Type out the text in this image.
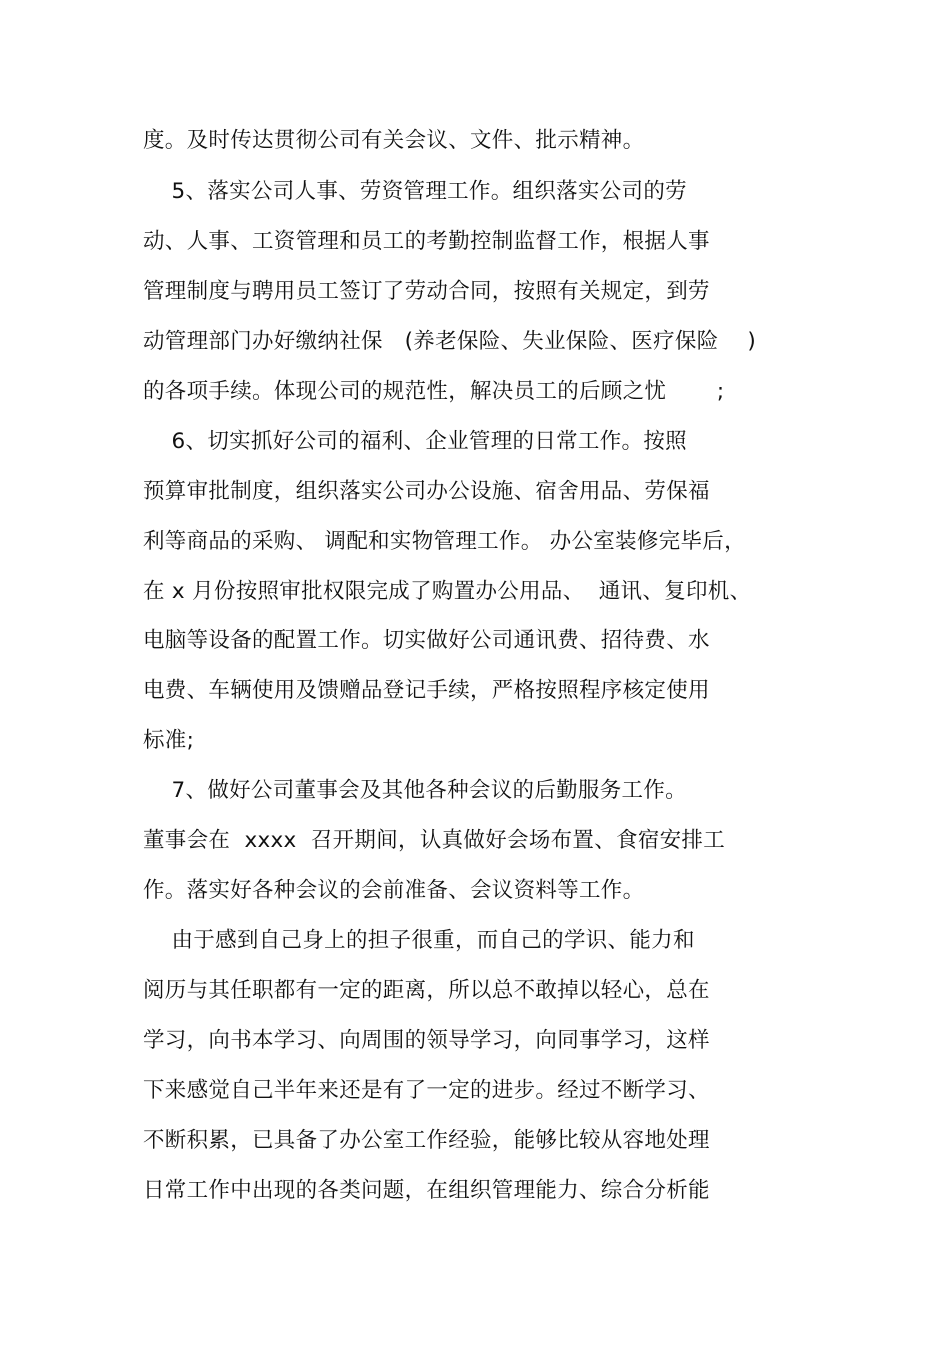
度。及时传达贯彻公司有关会议、文件、批示精神。
5、落实公司人事、劳资管理工作。组织落实公司的劳
动、人事、工资管理和员工的考勤控制监督工作，根据人事
管理制度与聘用员工签订了劳动合同，按照有关规定，到劳
动管理部门办好缴纳社保　(养老保险、失业保险、医疗保险　 )
的各项手续。体现公司的规范性，解决员工的后顾之忧　　 ;
6、切实抓好公司的福利、企业管理的日常工作。按照
预算审批制度，组织落实公司办公设施、宿舍用品、劳保福
利等商品的采购、 调配和实物管理工作。 办公室装修完毕后，
在 x 月份按照审批权限完成了购置办公用品、  通讯、复印机、
电脑等设备的配置工作。切实做好公司通讯费、招待费、水
电费、车辆使用及馈赠品登记手续，严格按照程序核定使用
标准;
7、做好公司董事会及其他各种会议的后勤服务工作。
董事会在  xxxx  召开期间，认真做好会场布置、食宿安排工
作。落实好各种会议的会前准备、会议资料等工作。
由于感到自己身上的担子很重，而自己的学识、能力和
阅历与其任职都有一定的距离，所以总不敢掉以轻心，总在
学习，向书本学习、向周围的领导学习，向同事学习，这样
下来感觉自己半年来还是有了一定的进步。经过不断学习、
不断积累，已具备了办公室工作经验，能够比较从容地处理
日常工作中出现的各类问题，在组织管理能力、综合分析能
